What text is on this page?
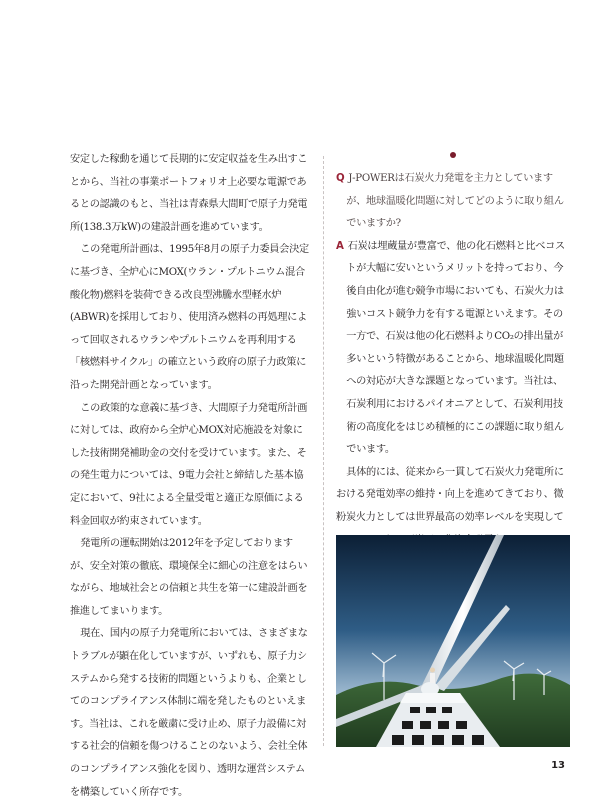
安定した稼動を通じて長期的に安定収益を生み出すことから、当社の事業ポートフォリオ上必要な電源であるとの認識のもと、当社は青森県大間町で原子力発電所(138.3万kW)の建設計画を進めています。

この発電所計画は、1995年8月の原子力委員会決定に基づき、全炉心にMOX(ウラン・プルトニウム混合酸化物)燃料を装荷できる改良型沸騰水型軽水炉(ABWR)を採用しており、使用済み燃料の再処理によって回収されるウランやプルトニウムを再利用する「核燃料サイクル」の確立という政府の原子力政策に沿った開発計画となっています。

この政策的な意義に基づき、大間原子力発電所計画に対しては、政府から全炉心MOX対応施設を対象にした技術開発補助金の交付を受けています。また、その発生電力については、9電力会社と締結した基本協定において、9社による全量受電と適正な原価による料金回収が約束されています。

発電所の運転開始は2012年を予定しておりますが、安全対策の徹底、環境保全に細心の注意をはらいながら、地域社会との信頼と共生を第一に建設計画を推進してまいります。

現在、国内の原子力発電所においては、さまざまなトラブルが顕在化していますが、いずれも、原子力システムから発する技術的問題というよりも、企業としてのコンプライアンス体制に端を発したものといえます。当社は、これを厳粛に受け止め、原子力設備に対する社会的信頼を傷つけることのないよう、会社全体のコンプライアンス強化を図り、透明な運営システムを構築していく所存です。

Q J-POWERは石炭火力発電を主力としていますが、地球温暖化問題に対してどのように取り組んでいますか?

A 石炭は埋蔵量が豊富で、他の化石燃料と比べコストが大幅に安いというメリットを持っており、今後自由化が進む競争市場においても、石炭火力は強いコスト競争力を有する電源といえます。その一方で、石炭は他の化石燃料よりCO₂の排出量が多いという特徴があることから、地球温暖化問題への対応が大きな課題となっています。当社は、石炭利用におけるパイオニアとして、石炭利用技術の高度化をはじめ積極的にこの課題に取り組んでいます。

具体的には、従来から一貫して石炭火力発電所における発電効率の維持・向上を進めてきており、微粉炭火力としては世界最高の効率レベルを実現して

13
